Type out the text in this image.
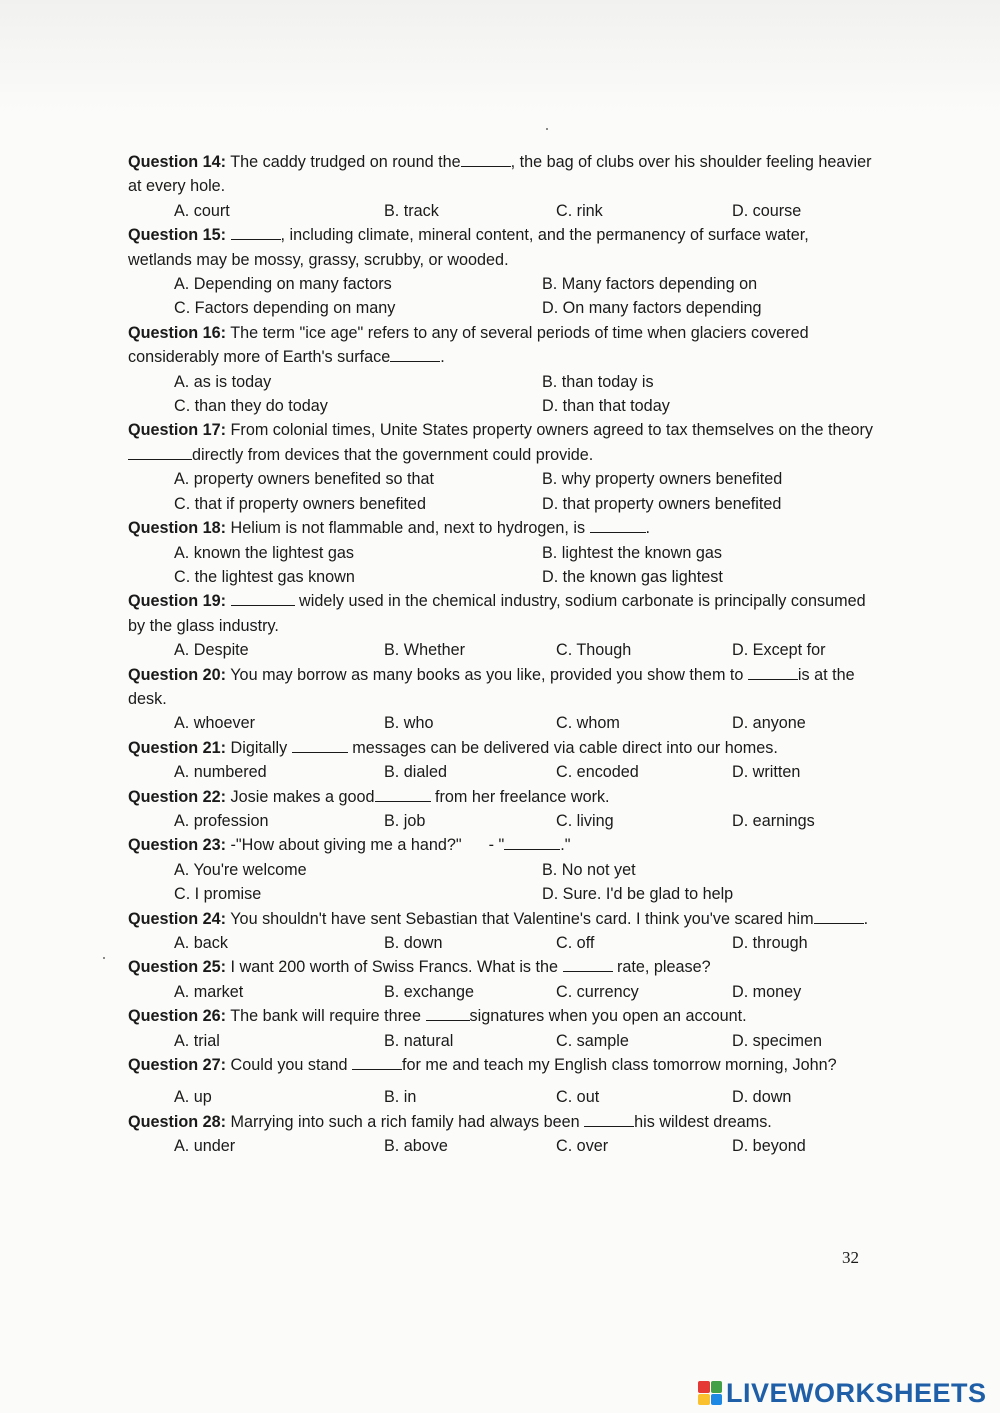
Question 14: The caddy trudged on round the	, the bag of clubs over his shoulder feeling heavier at every hole.

A. court	B. track	C. rink	D. course

Question 15:	, including climate, mineral content, and the permanency of surface water, wetlands may be mossy, grassy, scrubby, or wooded.

A. Depending on many factors	B. Many factors depending on
C. Factors depending on many	D. On many factors depending

Question 16: The term "ice age" refers to any of several periods of time when glaciers covered considerably more of Earth's surface	.

A. as is today	B. than today is
C. than they do today	D. than that today

Question 17: From colonial times, Unite States property owners agreed to tax themselves on the theory directly from devices that the government could provide.

A. property owners benefited so that	B. why property owners benefited
C. that if property owners benefited	D. that property owners benefited

Question 18: Helium is not flammable and, next to hydrogen, is	.

A. known the lightest gas	B. lightest the known gas
C. the lightest gas known	D. the known gas lightest

Question 19:	widely used in the chemical industry, sodium carbonate is principally consumed by the glass industry.

A. Despite	B. Whether	C. Though	D. Except for

Question 20: You may borrow as many books as you like, provided you show them to	is at the desk.

A. whoever	B. who	C. whom	D. anyone

Question 21: Digitally	messages can be delivered via cable direct into our homes.

A. numbered	B. dialed	C. encoded	D. written

Question 22: Josie makes a good	from her freelance work.

A. profession	B. job	C. living	D. earnings

Question 23: -"How about giving me a hand?"      - "	."

A. You're welcome	B. No not yet
C. I promise	D. Sure. I'd be glad to help

Question 24: You shouldn't have sent Sebastian that Valentine's card. I think you've scared him	.

A. back	B. down	C. off	D. through

Question 25: I want 200 worth of Swiss Francs. What is the	rate, please?

A. market	B. exchange	C. currency	D. money

Question 26: The bank will require three	signatures when you open an account.

A. trial	B. natural	C. sample	D. specimen

Question 27: Could you stand	for me and teach my English class tomorrow morning, John?

A. up	B. in	C. out	D. down

Question 28: Marrying into such a rich family had always been	his wildest dreams.

A. under	B. above	C. over	D. beyond
32
LIVEWORKSHEETS
